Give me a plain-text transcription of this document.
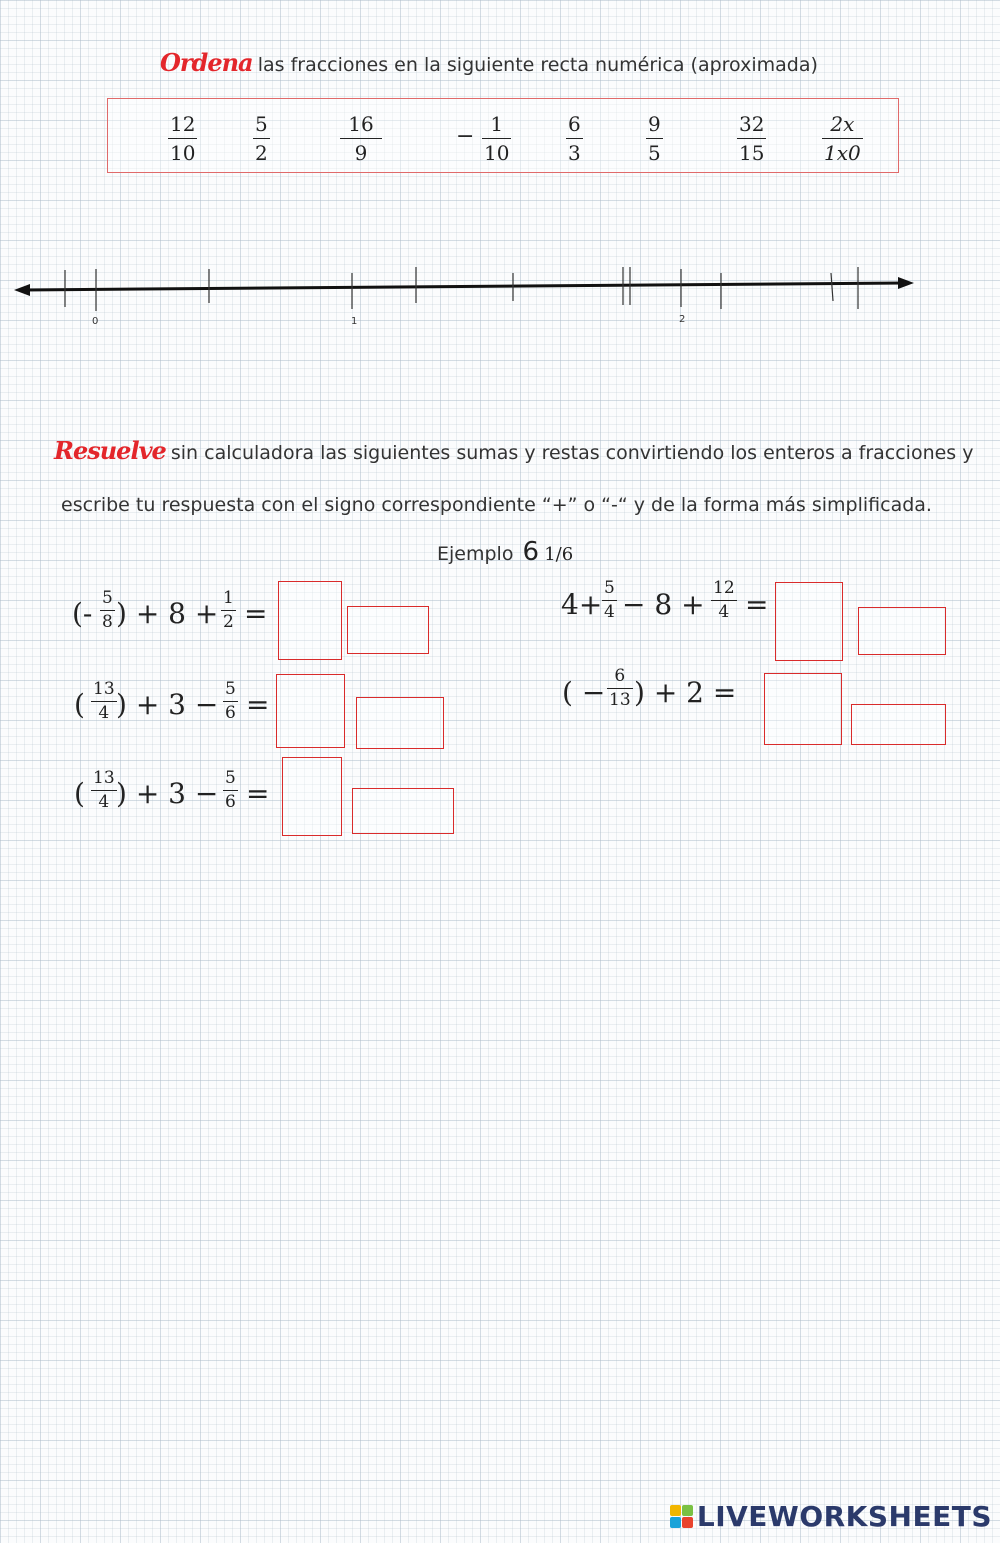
Ordena las fracciones en la siguiente recta numérica (aproximada)
12
10
5
2
16
9
− 1
10
6
3
9
5
32
15
2x
1x0
0	1	2
Resuelve sin calculadora las siguientes sumas y restas convirtiendo los enteros a fracciones y
escribe tu respuesta con el signo correspondiente “+” o “-“ y de la forma más simplificada.
Ejemplo 6 1/6
(- 5
8 ) + 8 + 1
2 =
( 13
4 ) + 3 − 5
6 =
( 13
4 ) + 3 − 5
6 =
4+ 5
4 − 8 + 12
4 =
( − 6
13 ) + 2 =
LIVEWORKSHEETS
